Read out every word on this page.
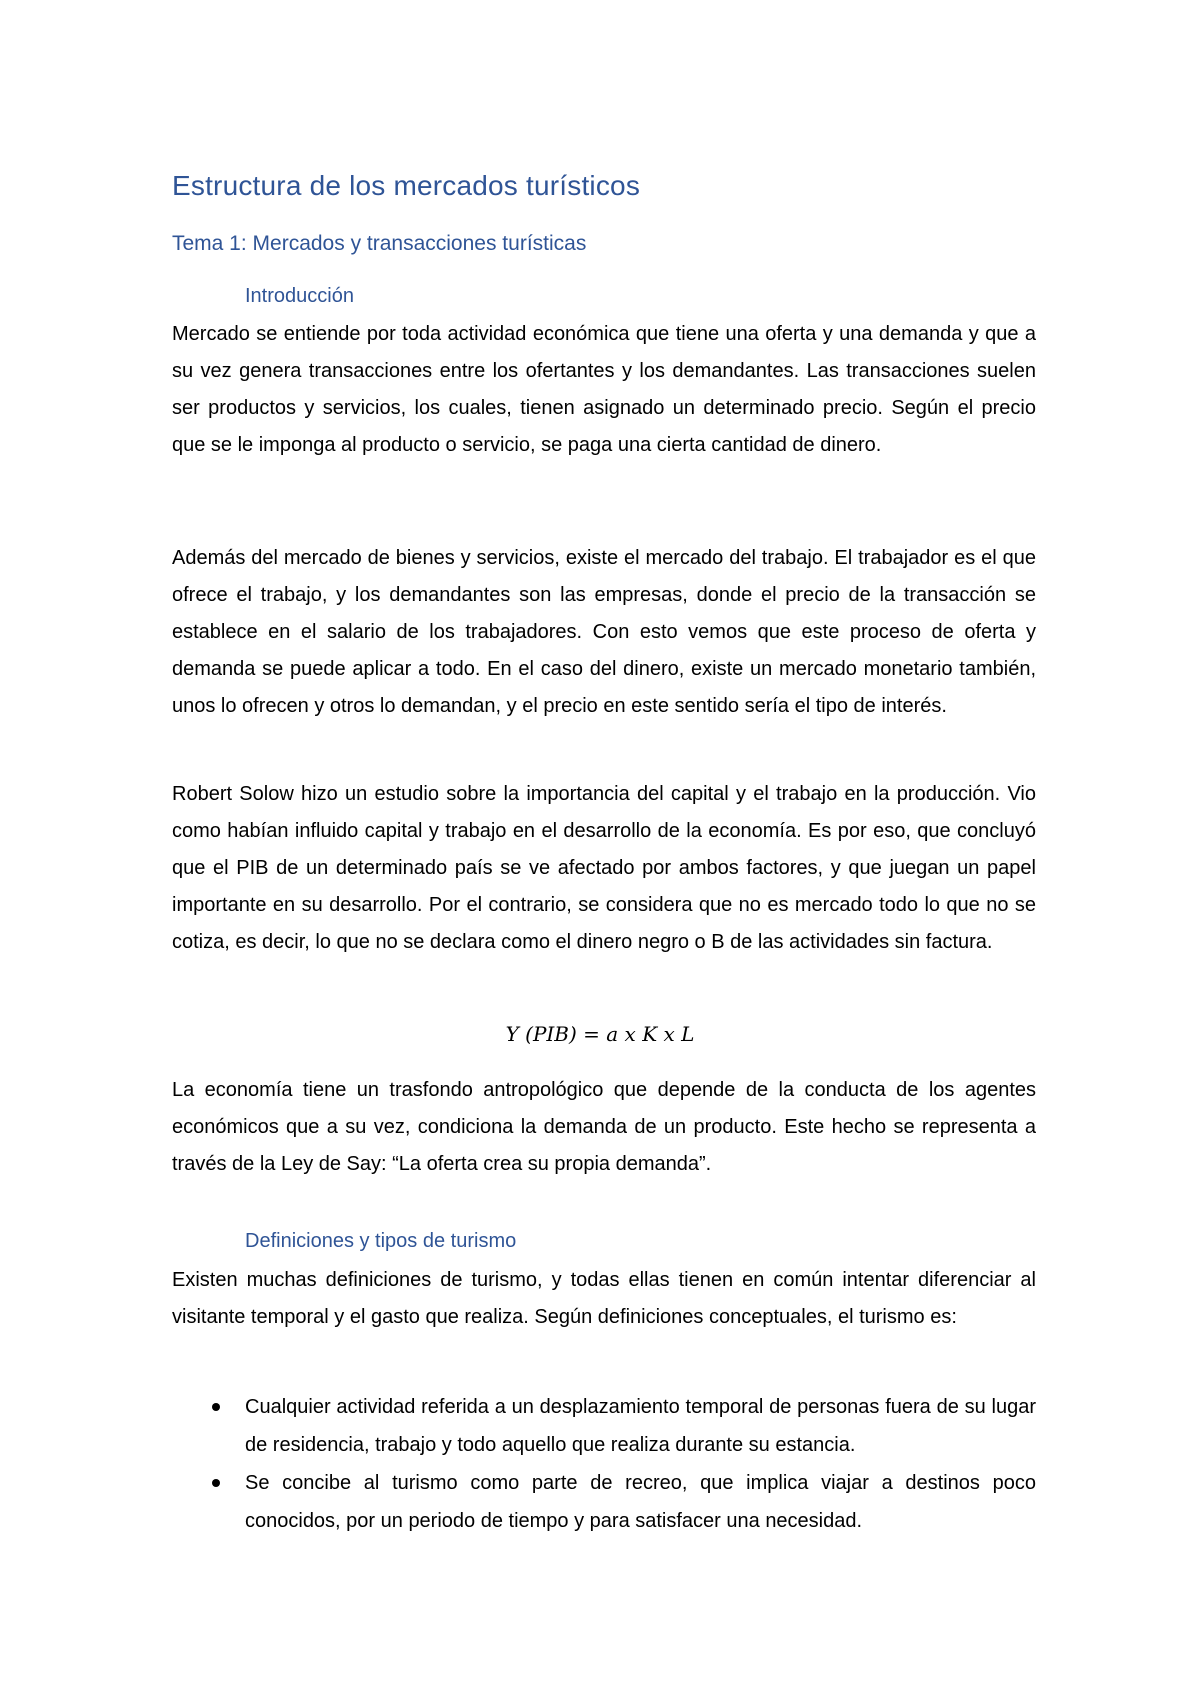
Estructura de los mercados turísticos
Tema 1: Mercados y transacciones turísticas
Introducción
Mercado se entiende por toda actividad económica que tiene una oferta y una demanda y que a su vez genera transacciones entre los ofertantes y los demandantes. Las transacciones suelen ser productos y servicios, los cuales, tienen asignado un determinado precio. Según el precio que se le imponga al producto o servicio, se paga una cierta cantidad de dinero.
Además del mercado de bienes y servicios, existe el mercado del trabajo. El trabajador es el que ofrece el trabajo, y los demandantes son las empresas, donde el precio de la transacción se establece en el salario de los trabajadores. Con esto vemos que este proceso de oferta y demanda se puede aplicar a todo. En el caso del dinero, existe un mercado monetario también, unos lo ofrecen y otros lo demandan, y el precio en este sentido sería el tipo de interés.
Robert Solow hizo un estudio sobre la importancia del capital y el trabajo en la producción. Vio como habían influido capital y trabajo en el desarrollo de la economía. Es por eso, que concluyó que el PIB de un determinado país se ve afectado por ambos factores, y que juegan un papel importante en su desarrollo. Por el contrario, se considera que no es mercado todo lo que no se cotiza, es decir, lo que no se declara como el dinero negro o B de las actividades sin factura.
Y (PIB) = a x K x L
La economía tiene un trasfondo antropológico que depende de la conducta de los agentes económicos que a su vez, condiciona la demanda de un producto. Este hecho se representa a través de la Ley de Say: “La oferta crea su propia demanda”.
Definiciones y tipos de turismo
Existen muchas definiciones de turismo, y todas ellas tienen en común intentar diferenciar al visitante temporal y el gasto que realiza. Según definiciones conceptuales, el turismo es:
Cualquier actividad referida a un desplazamiento temporal de personas fuera de su lugar de residencia, trabajo y todo aquello que realiza durante su estancia.
Se concibe al turismo como parte de recreo, que implica viajar a destinos poco conocidos, por un periodo de tiempo y para satisfacer una necesidad.
